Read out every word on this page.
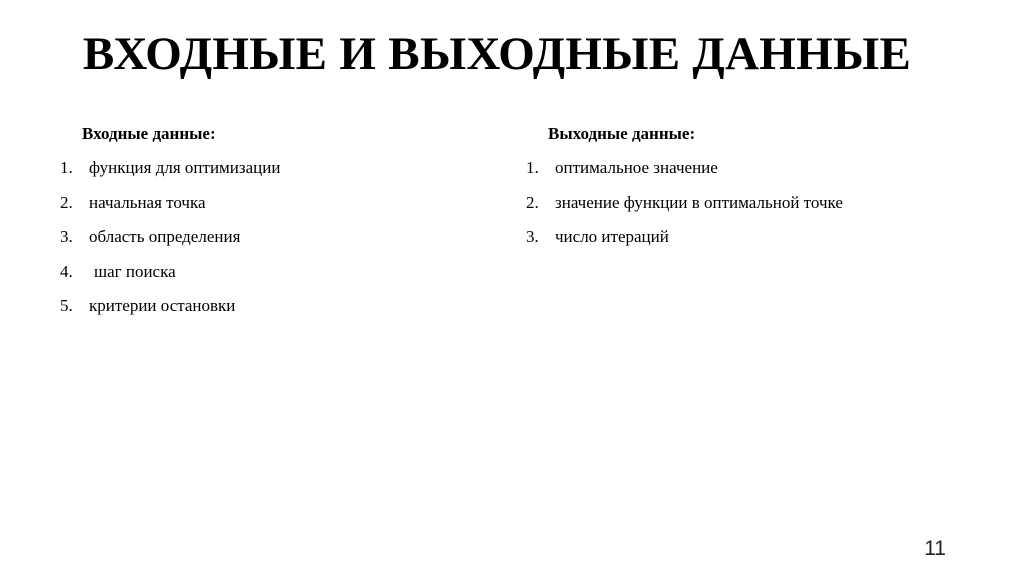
ВХОДНЫЕ И ВЫХОДНЫЕ ДАННЫЕ
Входные данные:
1. функция для оптимизации
2. начальная точка
3. область определения
4.	шаг поиска
5. критерии остановки
Выходные данные:
1. оптимальное значение
2. значение функции в оптимальной точке
3. число итераций
11
